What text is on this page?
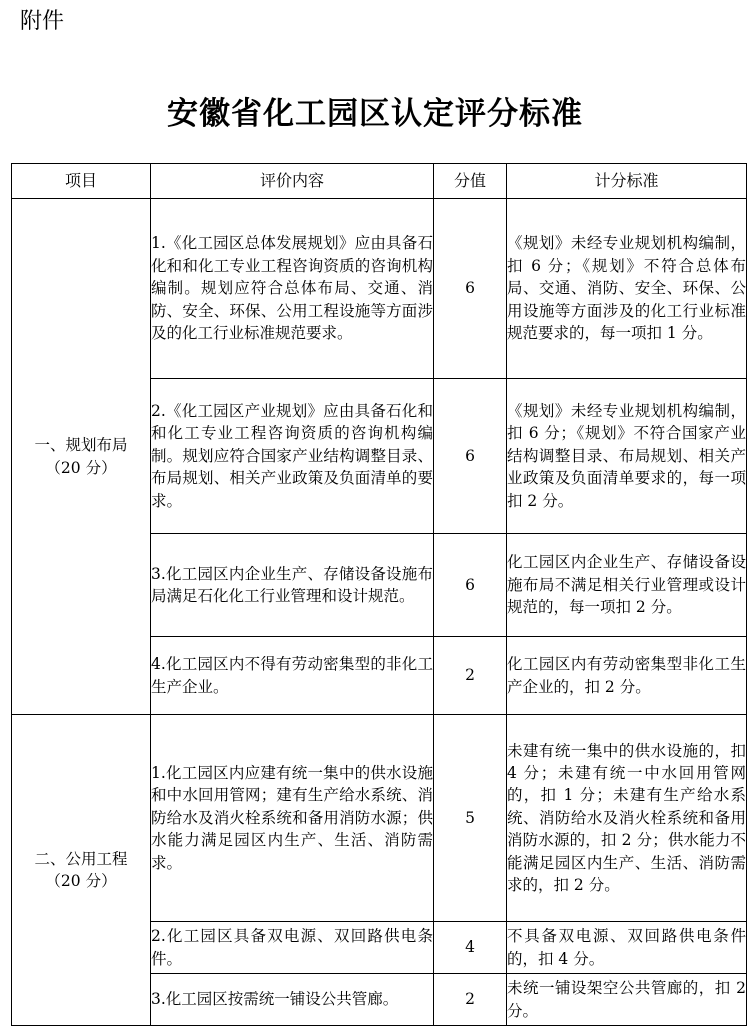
附件
安徽省化工园区认定评分标准
项目	评价内容	分值	计分标准

一、规划布局
（20 分）	1.《化工园区总体发展规划》应由具备石化和和化工专业工程咨询资质的咨询机构编制。规划应符合总体布局、交通、消防、安全、环保、公用工程设施等方面涉及的化工行业标准规范要求。	6	《规划》未经专业规划机构编制，扣 6 分；《规划》不符合总体布局、交通、消防、安全、环保、公用设施等方面涉及的化工行业标准规范要求的，每一项扣 1 分。
	2.《化工园区产业规划》应由具备石化和和化工专业工程咨询资质的咨询机构编制。规划应符合国家产业结构调整目录、布局规划、相关产业政策及负面清单的要求。	6	《规划》未经专业规划机构编制，扣 6 分；《规划》不符合国家产业结构调整目录、布局规划、相关产业政策及负面清单要求的，每一项扣 2 分。
	3.化工园区内企业生产、存储设备设施布局满足石化化工行业管理和设计规范。	6	化工园区内企业生产、存储设备设施布局不满足相关行业管理或设计规范的，每一项扣 2 分。
	4.化工园区内不得有劳动密集型的非化工生产企业。	2	化工园区内有劳动密集型非化工生产企业的，扣 2 分。

二、公用工程
（20 分）	1.化工园区内应建有统一集中的供水设施和中水回用管网；建有生产给水系统、消防给水及消火栓系统和备用消防水源；供水能力满足园区内生产、生活、消防需求。	5	未建有统一集中的供水设施的，扣 4 分；未建有统一中水回用管网的，扣 1 分；未建有生产给水系统、消防给水及消火栓系统和备用消防水源的，扣 2 分；供水能力不能满足园区内生产、生活、消防需求的，扣 2 分。
	2.化工园区具备双电源、双回路供电条件。	4	不具备双电源、双回路供电条件的，扣 4 分。
	3.化工园区按需统一铺设公共管廊。	2	未统一铺设架空公共管廊的，扣 2 分。
